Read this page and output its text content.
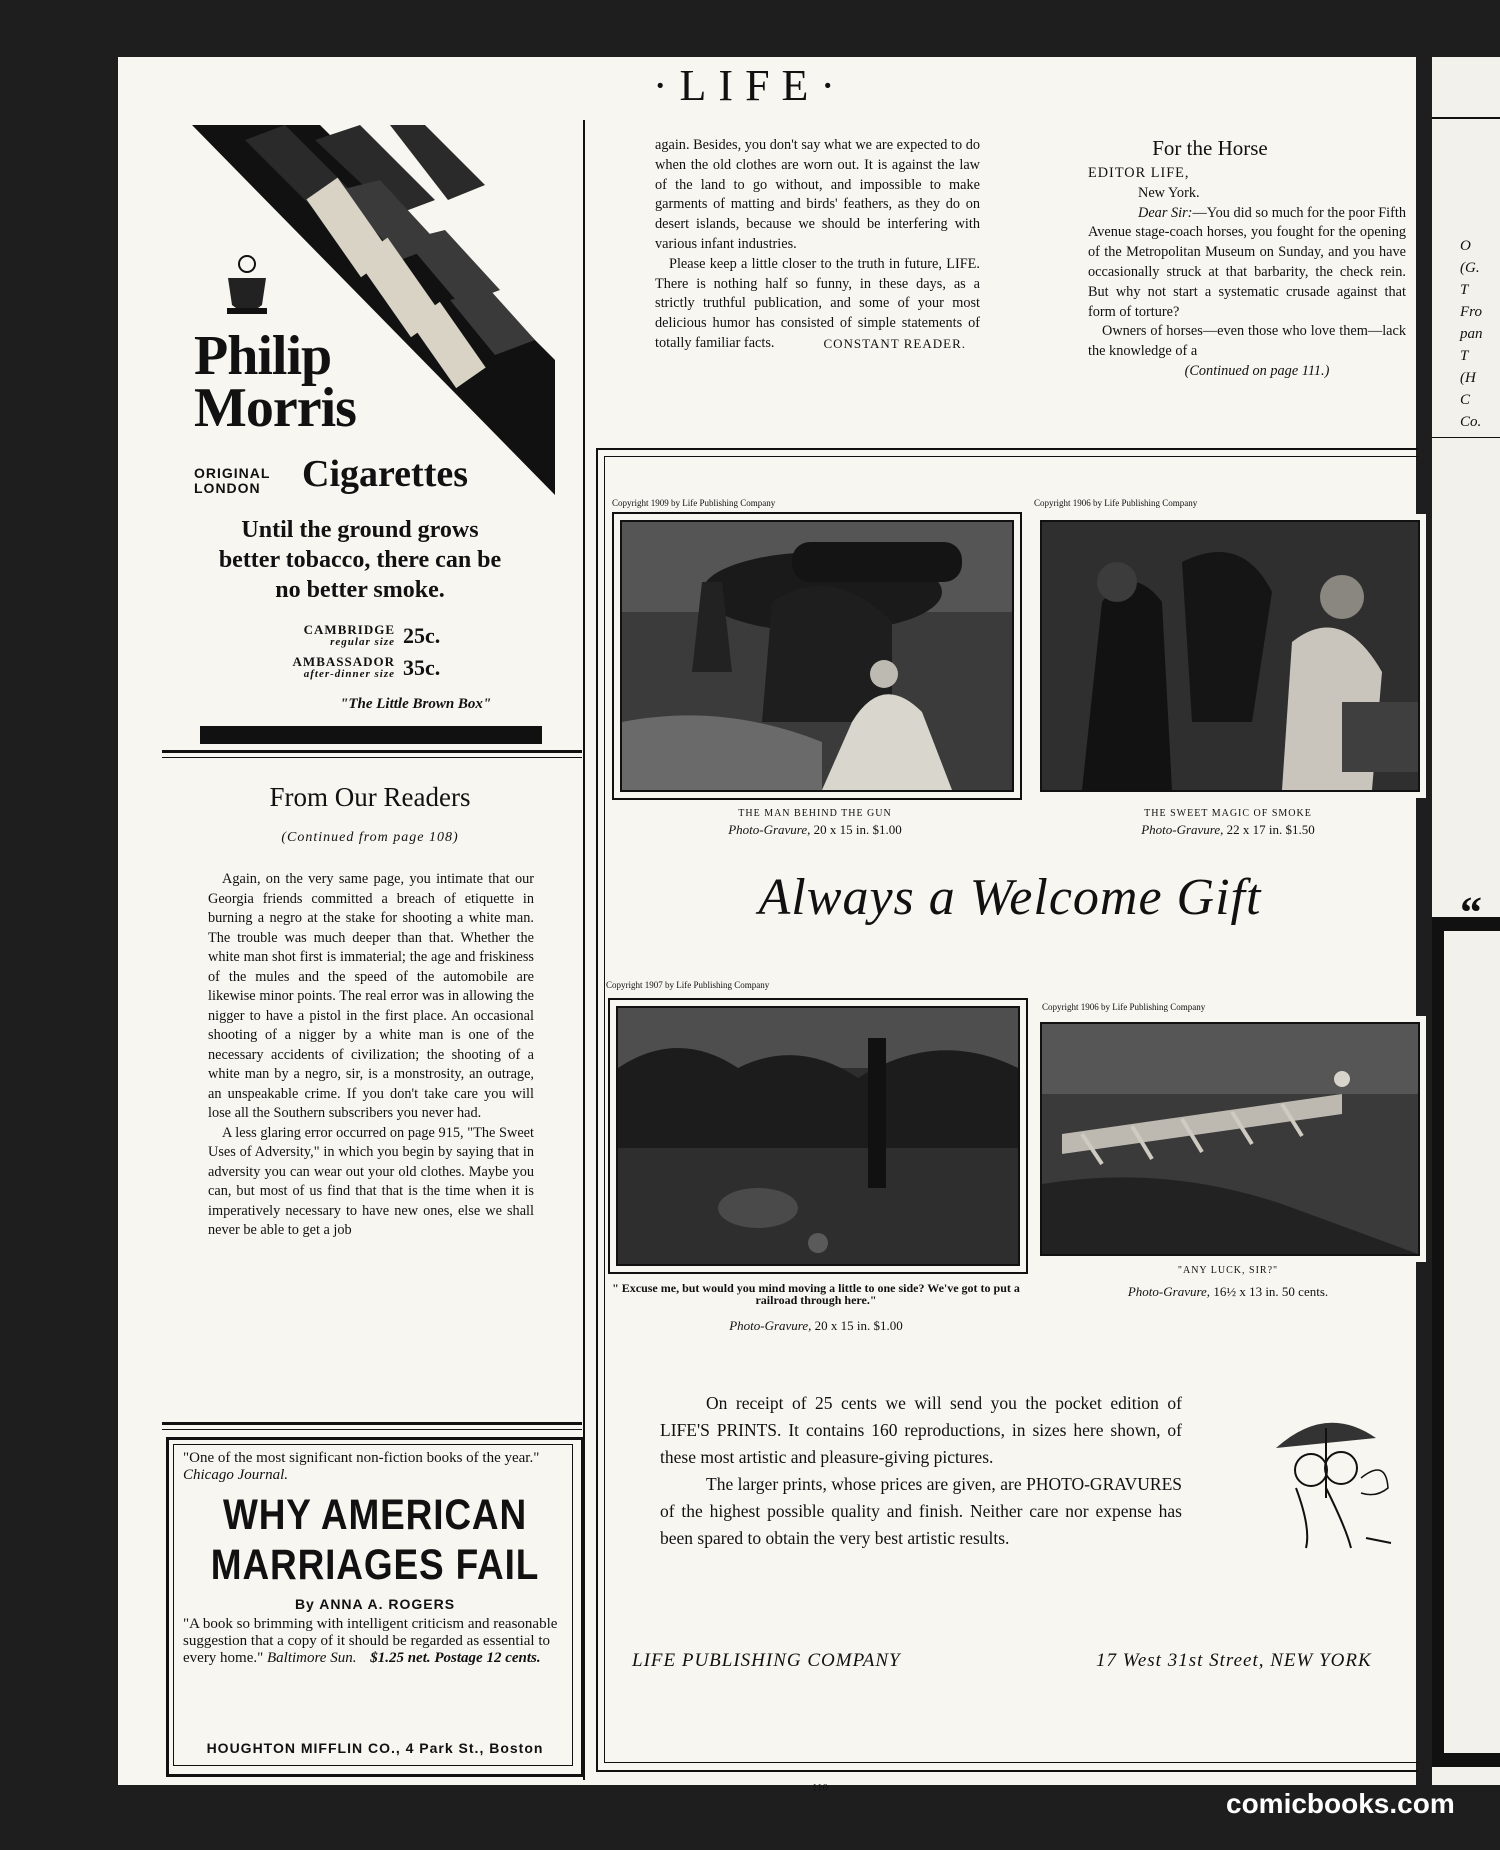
O
(G.
T
Fro
pan
T
(H
C
Co.
“
·LIFE·
Philip
Morris
ORIGINAL
LONDON Cigarettes
Until the ground grows better tobacco, there can be no better smoke.
CAMBRIDGE
regular size 25c.
AMBASSADOR
after-dinner size 35c.
"The Little Brown Box"
From Our Readers
(Continued from page 108)

Again, on the very same page, you intimate that our Georgia friends committed a breach of etiquette in burning a negro at the stake for shooting a white man. The trouble was much deeper than that. Whether the white man shot first is immaterial; the age and friskiness of the mules and the speed of the automobile are likewise minor points. The real error was in allowing the nigger to have a pistol in the first place. An occasional shooting of a nigger by a white man is one of the necessary accidents of civilization; the shooting of a white man by a negro, sir, is a monstrosity, an outrage, an unspeakable crime. If you don't take care you will lose all the Southern subscribers you never had.

A less glaring error occurred on page 915, "The Sweet Uses of Adversity," in which you begin by saying that in adversity you can wear out your old clothes. Maybe you can, but most of us find that that is the time when it is imperatively necessary to have new ones, else we shall never be able to get a job

"One of the most significant non-fiction books of the year." Chicago Journal.
WHY AMERICAN
MARRIAGES FAIL
By ANNA A. ROGERS
"A book so brimming with intelligent criticism and reasonable suggestion that a copy of it should be regarded as essential to every home." Baltimore Sun. $1.25 net. Postage 12 cents.
HOUGHTON MIFFLIN CO., 4 Park St., Boston

again. Besides, you don't say what we are expected to do when the old clothes are worn out. It is against the law of the land to go without, and impossible to make garments of matting and birds' feathers, as they do on desert islands, because we should be interfering with various infant industries.

Please keep a little closer to the truth in future, LIFE. There is nothing half so funny, in these days, as a strictly truthful publication, and some of your most delicious humor has consisted of simple statements of totally familiar facts.	CONSTANT READER.
For the Horse
EDITOR LIFE,
New York.

Dear Sir:—You did so much for the poor Fifth Avenue stage-coach horses, you fought for the opening of the Metropolitan Museum on Sunday, and you have occasionally struck at that barbarity, the check rein. But why not start a systematic crusade against that form of torture?

Owners of horses—even those who love them—lack the knowledge of a

(Continued on page 111.)
Copyright 1909 by Life Publishing Company
THE MAN BEHIND THE GUN
Photo-Gravure, 20 x 15 in. $1.00
Copyright 1906 by Life Publishing Company
THE SWEET MAGIC OF SMOKE
Photo-Gravure, 22 x 17 in. $1.50
Always a Welcome Gift
Copyright 1907 by Life Publishing Company
" Excuse me, but would you mind moving a little to one side? We've got to put a railroad through here."
Photo-Gravure, 20 x 15 in. $1.00
Copyright 1906 by Life Publishing Company
"ANY LUCK, SIR?"
Photo-Gravure, 16½ x 13 in. 50 cents.

On receipt of 25 cents we will send you the pocket edition of LIFE'S PRINTS. It contains 160 reproductions, in sizes here shown, of these most artistic and pleasure-giving pictures.

The larger prints, whose prices are given, are PHOTO-GRAVURES of the highest possible quality and finish. Neither care nor expense has been spared to obtain the very best artistic results.

LIFE PUBLISHING COMPANY	17 West 31st Street, NEW YORK
110	comicbooks.com
